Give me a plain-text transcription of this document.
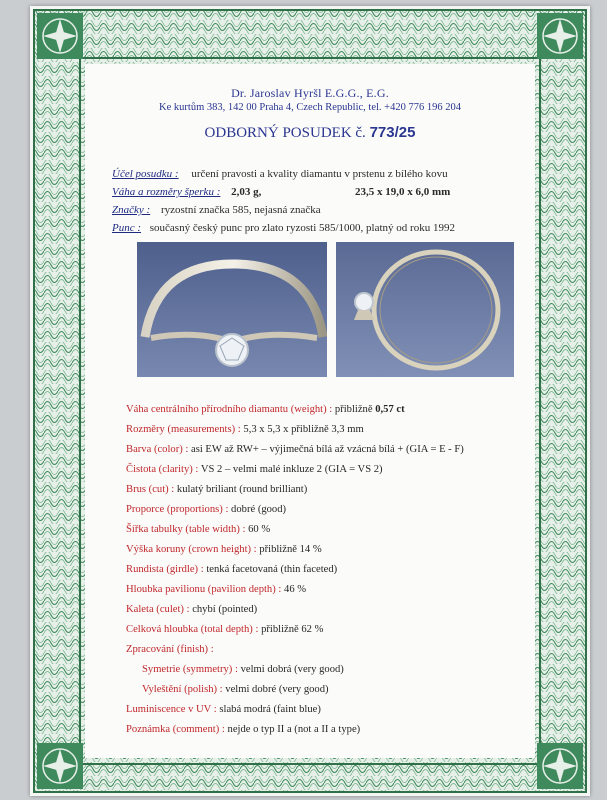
Dr. Jaroslav Hyršl E.G.G., E.G.
Ke kurtům 383, 142 00 Praha 4, Czech Republic, tel. +420 776 196 204
ODBORNÝ POSUDEK č. 773/25
Účel posudku : určení pravosti a kvality diamantu v prstenu z bílého kovu
Váha a rozměry šperku : 2,03 g,	23,5 x 19,0 x 6,0 mm
Značky : ryzostní značka 585, nejasná značka
Punc : současný český punc pro zlato ryzosti 585/1000, platný od roku 1992
Váha centrálního přírodního diamantu (weight) : přibližně 0,57 ct
Rozměry (measurements) : 5,3 x 5,3 x přibližně 3,3 mm
Barva (color) : asi EW až RW+ – výjimečná bílá až vzácná bílá + (GIA = E - F)
Čistota (clarity) : VS 2 – velmi malé inkluze 2 (GIA = VS 2)
Brus (cut) : kulatý briliant (round brilliant)
Proporce (proportions) : dobré (good)
Šířka tabulky (table width) : 60 %
Výška koruny (crown height) : přibližně 14 %
Rundista (girdle) : tenká facetovaná (thin faceted)
Hloubka pavilionu (pavilion depth) : 46 %
Kaleta (culet) : chybí (pointed)
Celková hloubka (total depth) : přibližně 62 %
Zpracování (finish) :
Symetrie (symmetry) : velmi dobrá (very good)
Vyleštění (polish) : velmi dobré (very good)
Luminiscence v UV : slabá modrá (faint blue)
Poznámka (comment) : nejde o typ II a (not a II a type)
